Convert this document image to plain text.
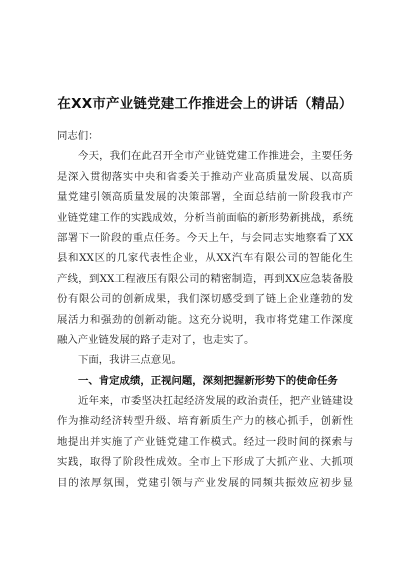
在XX市产业链党建工作推进会上的讲话（精品）
同志们：
今天，我们在此召开全市产业链党建工作推进会，主要任务
是深入贯彻落实中央和省委关于推动产业高质量发展、以高质
量党建引领高质量发展的决策部署，全面总结前一阶段我市产
业链党建工作的实践成效，分析当前面临的新形势新挑战，系统
部署下一阶段的重点任务。今天上午，与会同志实地察看了XX
县和XX区的几家代表性企业，从XX汽车有限公司的智能化生
产线，到XX工程液压有限公司的精密制造，再到XX应急装备股
份有限公司的创新成果，我们深切感受到了链上企业蓬勃的发
展活力和强劲的创新动能。这充分说明，我市将党建工作深度
融入产业链发展的路子走对了，也走实了。
下面，我讲三点意见。
一、肯定成绩，正视问题，深刻把握新形势下的使命任务
近年来，市委坚决扛起经济发展的政治责任，把产业链建设
作为推动经济转型升级、培育新质生产力的核心抓手，创新性
地提出并实施了产业链党建工作模式。经过一段时间的探索与
实践，取得了阶段性成效。全市上下形成了大抓产业、大抓项
目的浓厚氛围，党建引领与产业发展的同频共振效应初步显
